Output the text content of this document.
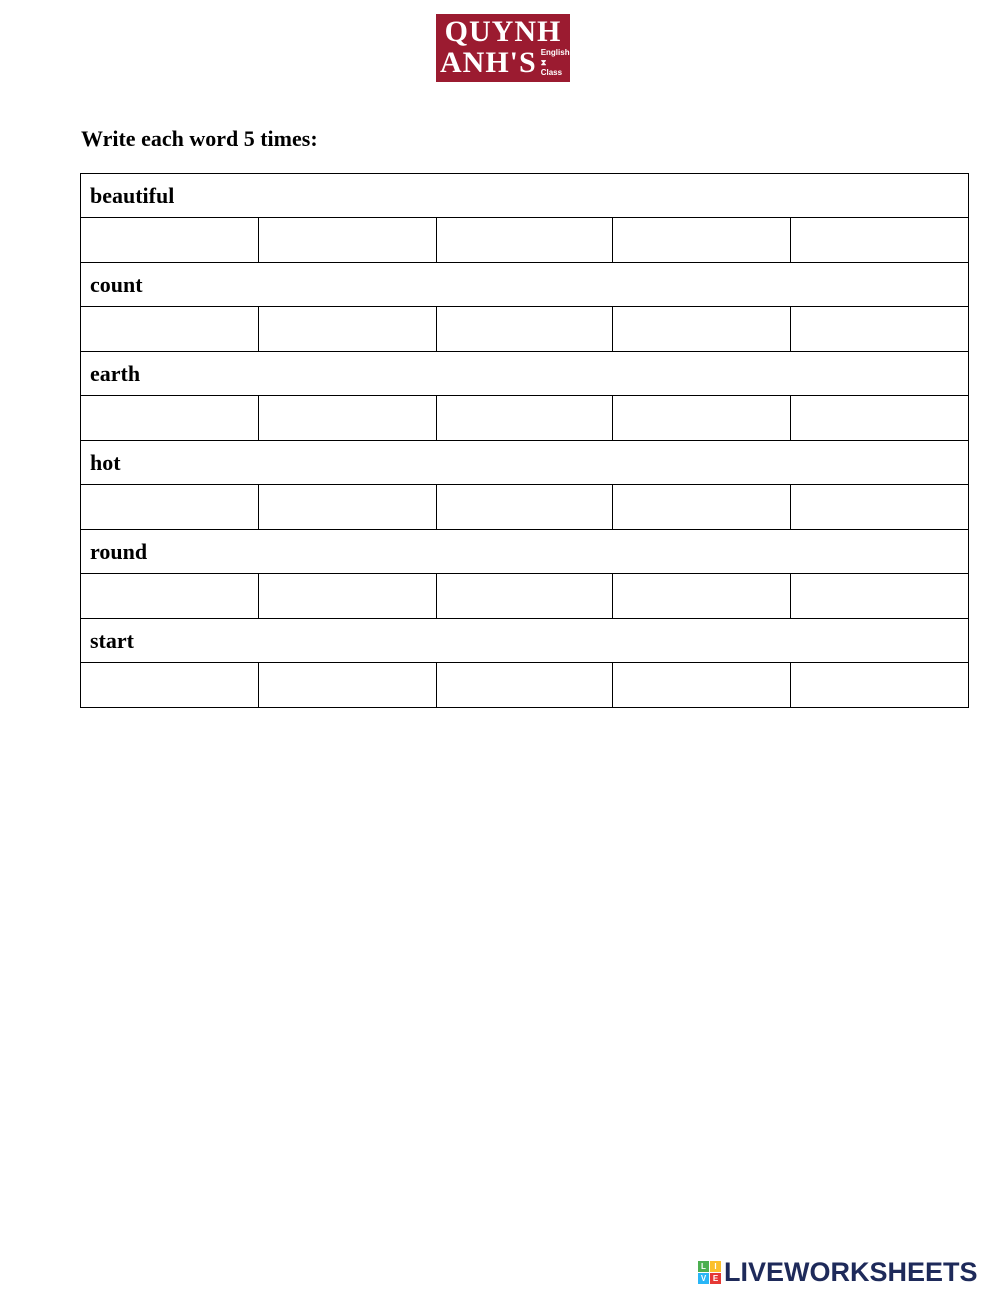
QUYNH
ANH'S English
⧗Class

Write each word 5 times:

beautiful				

count				

earth				

hot				

round				

start				

L	I
V E LIVEWORKSHEETS
